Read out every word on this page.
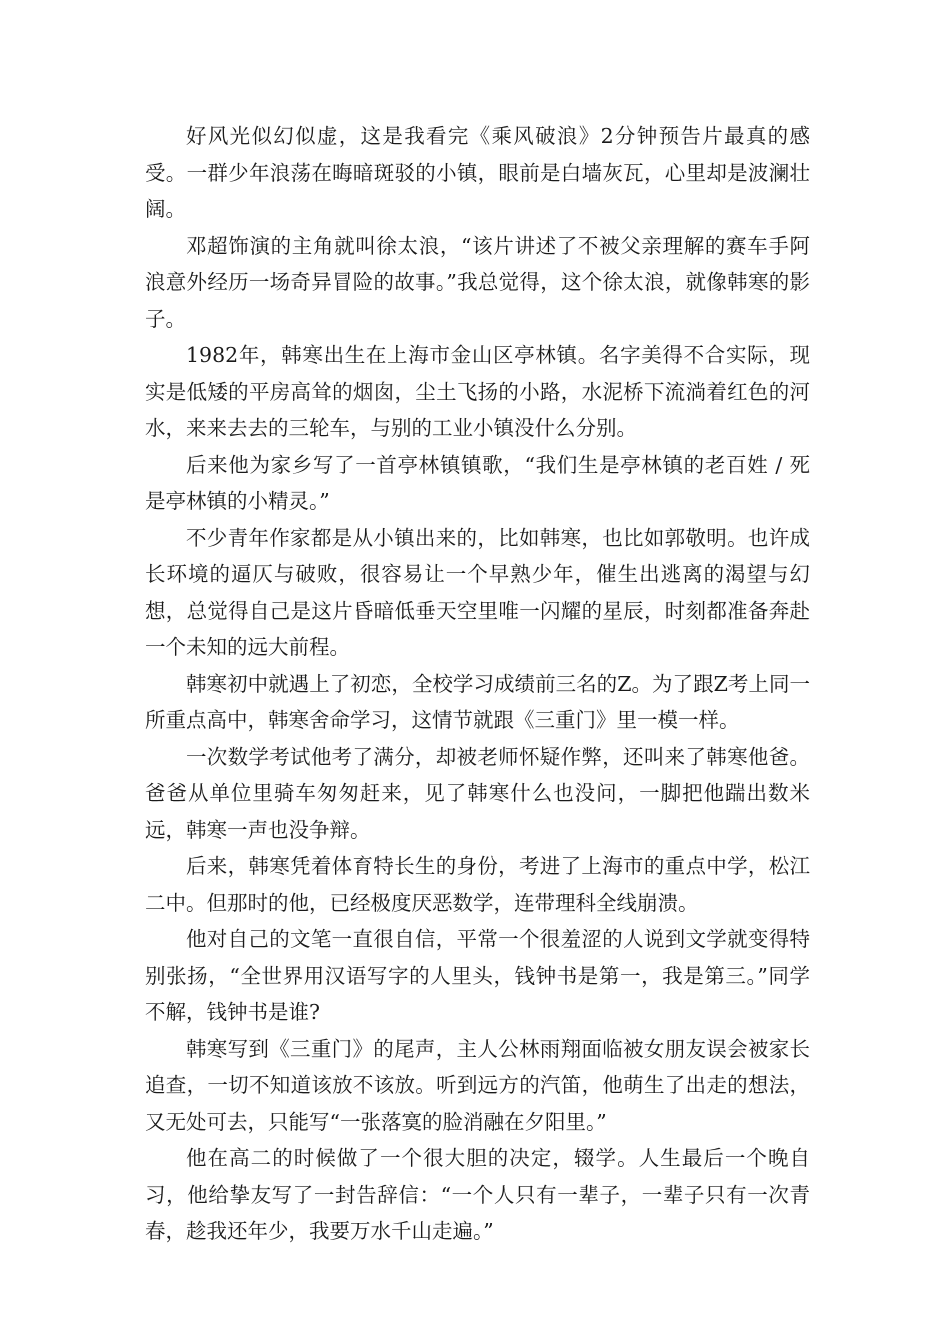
好风光似幻似虚，这是我看完《乘风破浪》2分钟预告片最真的感受。一群少年浪荡在晦暗斑驳的小镇，眼前是白墙灰瓦，心里却是波澜壮阔。

邓超饰演的主角就叫徐太浪，“该片讲述了不被父亲理解的赛车手阿浪意外经历一场奇异冒险的故事。”我总觉得，这个徐太浪，就像韩寒的影子。

1982年，韩寒出生在上海市金山区亭林镇。名字美得不合实际，现实是低矮的平房高耸的烟囱，尘土飞扬的小路，水泥桥下流淌着红色的河水，来来去去的三轮车，与别的工业小镇没什么分别。

后来他为家乡写了一首亭林镇镇歌，“我们生是亭林镇的老百姓 / 死是亭林镇的小精灵。”

不少青年作家都是从小镇出来的，比如韩寒，也比如郭敬明。也许成长环境的逼仄与破败，很容易让一个早熟少年，催生出逃离的渴望与幻想，总觉得自己是这片昏暗低垂天空里唯一闪耀的星辰，时刻都准备奔赴一个未知的远大前程。

韩寒初中就遇上了初恋，全校学习成绩前三名的Z。为了跟Z考上同一所重点高中，韩寒舍命学习，这情节就跟《三重门》里一模一样。

一次数学考试他考了满分，却被老师怀疑作弊，还叫来了韩寒他爸。爸爸从单位里骑车匆匆赶来，见了韩寒什么也没问，一脚把他踹出数米远，韩寒一声也没争辩。

后来，韩寒凭着体育特长生的身份，考进了上海市的重点中学，松江二中。但那时的他，已经极度厌恶数学，连带理科全线崩溃。

他对自己的文笔一直很自信，平常一个很羞涩的人说到文学就变得特别张扬，“全世界用汉语写字的人里头，钱钟书是第一，我是第三。”同学不解，钱钟书是谁?

韩寒写到《三重门》的尾声，主人公林雨翔面临被女朋友误会被家长追查，一切不知道该放不该放。听到远方的汽笛，他萌生了出走的想法，又无处可去，只能写“一张落寞的脸消融在夕阳里。”

他在高二的时候做了一个很大胆的决定，辍学。人生最后一个晚自习，他给挚友写了一封告辞信：“一个人只有一辈子，一辈子只有一次青春，趁我还年少，我要万水千山走遍。”
